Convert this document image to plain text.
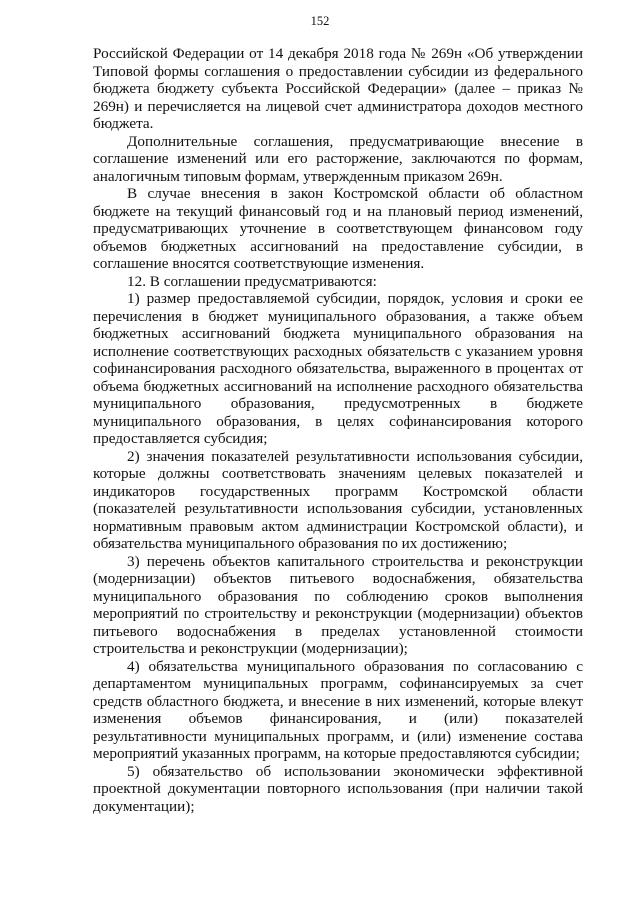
152

Российской Федерации от 14 декабря 2018 года № 269н «Об утверждении Типовой формы соглашения о предоставлении субсидии из федерального бюджета бюджету субъекта Российской Федерации» (далее – приказ № 269н) и перечисляется на лицевой счет администратора доходов местного бюджета.

Дополнительные соглашения, предусматривающие внесение в соглашение изменений или его расторжение, заключаются по формам, аналогичным типовым формам, утвержденным приказом 269н.

В случае внесения в закон Костромской области об областном бюджете на текущий финансовый год и на плановый период изменений, предусматривающих уточнение в соответствующем финансовом году объемов бюджетных ассигнований на предоставление субсидии, в соглашение вносятся соответствующие изменения.

12. В соглашении предусматриваются:

1) размер предоставляемой субсидии, порядок, условия и сроки ее перечисления в бюджет муниципального образования, а также объем бюджетных ассигнований бюджета муниципального образования на исполнение соответствующих расходных обязательств с указанием уровня софинансирования расходного обязательства, выраженного в процентах от объема бюджетных ассигнований на исполнение расходного обязательства муниципального образования, предусмотренных в бюджете муниципального образования, в целях софинансирования которого предоставляется субсидия;

2) значения показателей результативности использования субсидии, которые должны соответствовать значениям целевых показателей и индикаторов государственных программ Костромской области (показателей результативности использования субсидии, установленных нормативным правовым актом администрации Костромской области), и обязательства муниципального образования по их достижению;

3) перечень объектов капитального строительства и реконструкции (модернизации) объектов питьевого водоснабжения, обязательства муниципального образования по соблюдению сроков выполнения мероприятий по строительству и реконструкции (модернизации) объектов питьевого водоснабжения в пределах установленной стоимости строительства и реконструкции (модернизации);

4) обязательства муниципального образования по согласованию с департаментом муниципальных программ, софинансируемых за счет средств областного бюджета, и внесение в них изменений, которые влекут изменения объемов финансирования, и (или) показателей результативности муниципальных программ, и (или) изменение состава мероприятий указанных программ, на которые предоставляются субсидии;

5) обязательство об использовании экономически эффективной проектной документации повторного использования (при наличии такой документации);
